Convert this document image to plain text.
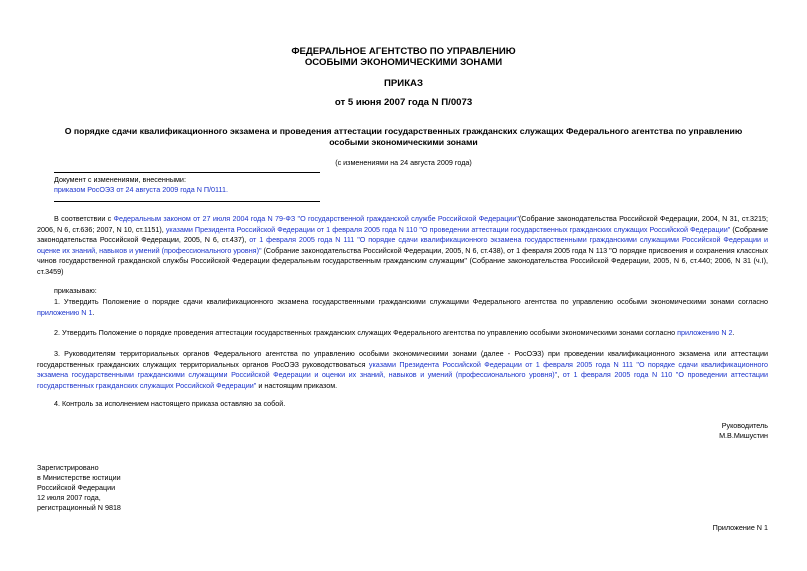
ФЕДЕРАЛЬНОЕ АГЕНТСТВО ПО УПРАВЛЕНИЮ
ОСОБЫМИ ЭКОНОМИЧЕСКИМИ ЗОНАМИ
ПРИКАЗ
от 5 июня 2007 года N П/0073
О порядке сдачи квалификационного экзамена и проведения аттестации государственных гражданских служащих Федерального агентства по управлению
особыми экономическими зонами
(с изменениями на 24 августа 2009 года)
Документ с изменениями, внесенными:
приказом РосОЭЗ от 24 августа 2009 года N П/0111.
В соответствии с Федеральным законом от 27 июля 2004 года N 79-ФЗ "О государственной гражданской службе Российской Федерации"(Собрание законодательства Российской Федерации, 2004, N 31, ст.3215; 2006, N 6, ст.636; 2007, N 10, ст.1151), указами Президента Российской Федерации от 1 февраля 2005 года N 110 "О проведении аттестации государственных гражданских служащих Российской Федерации" (Собрание законодательства Российской Федерации, 2005, N 6, ст.437), от 1 февраля 2005 года N 111 "О порядке сдачи квалификационного экзамена государственными гражданскими служащими Российской Федерации и оценке их знаний, навыков и умений (профессионального уровня)" (Собрание законодательства Российской Федерации, 2005, N 6, ст.438), от 1 февраля 2005 года N 113 "О порядке присвоения и сохранения классных чинов государственной гражданской службы Российской Федерации федеральным государственным гражданским служащим" (Собрание законодательства Российской Федерации, 2005, N 6, ст.440; 2006, N 31 (ч.I), ст.3459)
приказываю:
1. Утвердить Положение о порядке сдачи квалификационного экзамена государственными гражданскими служащими Федерального агентства по управлению особыми экономическими зонами согласно приложению N 1.
2. Утвердить Положение о порядке проведения аттестации государственных гражданских служащих Федерального агентства по управлению особыми экономическими зонами согласно приложению N 2.
3. Руководителям территориальных органов Федерального агентства по управлению особыми экономическими зонами (далее - РосОЭЗ) при проведении квалификационного экзамена или аттестации государственных гражданских служащих территориальных органов РосОЭЗ руководствоваться указами Президента Российской Федерации от 1 февраля 2005 года N 111 "О порядке сдачи квалификационного экзамена государственными гражданскими служащими Российской Федерации и оценки их знаний, навыков и умений (профессионального уровня)", от 1 февраля 2005 года N 110 "О проведении аттестации государственных гражданских служащих Российской Федерации" и настоящим приказом.
4. Контроль за исполнением настоящего приказа оставляю за собой.
Руководитель
М.В.Мишустин
Зарегистрировано
в Министерстве юстиции
Российской Федерации
12 июля 2007 года,
регистрационный N 9818
Приложение N 1
